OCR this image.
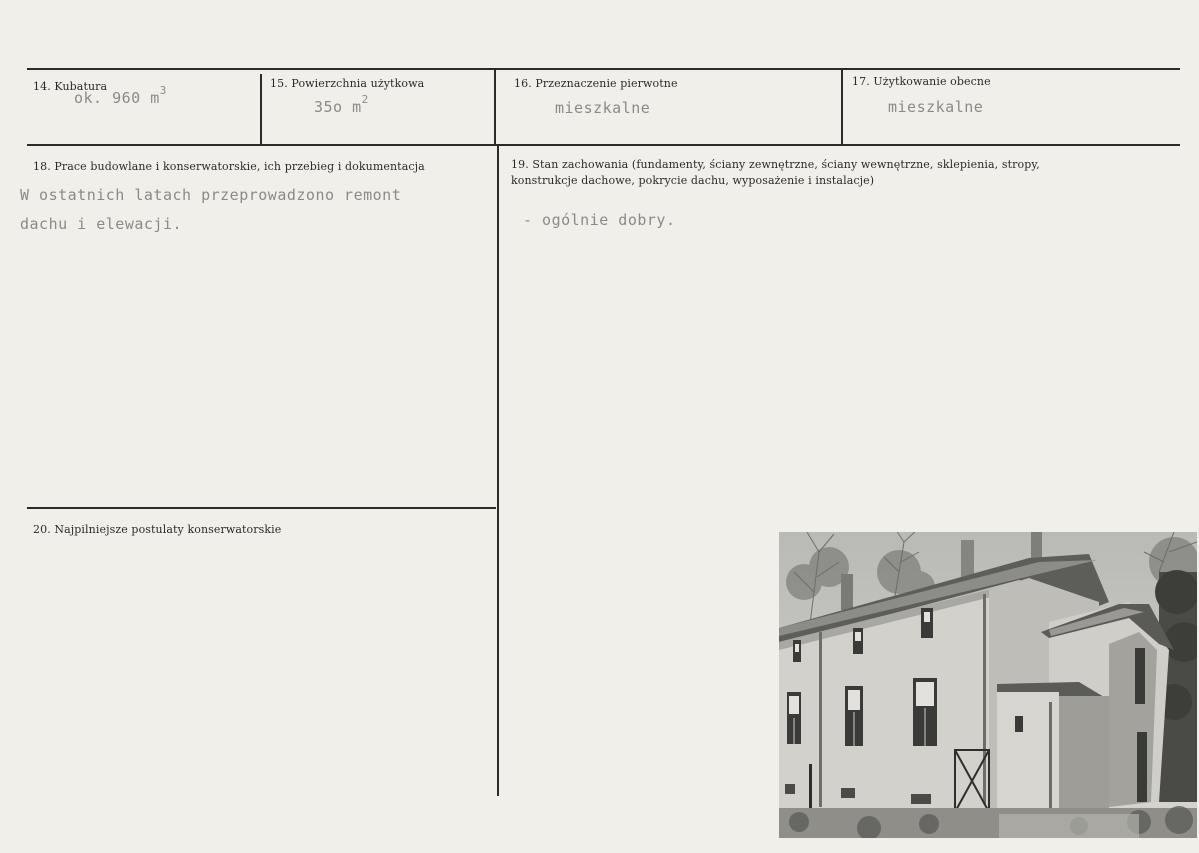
14. Kubatura
ok. 960 $m^3$
15. Powierzchnia użytkowa
35o $m^2$
16. Przeznaczenie pierwotne
mieszkalne
17. Użytkowanie obecne
mieszkalne
18. Prace budowlane i konserwatorskie, ich przebieg i dokumentacja
W ostatnich latach przeprowadzono remont
dachu i elewacji.
19. Stan zachowania (fundamenty, ściany zewnętrzne, ściany wewnętrzne, sklepienia, stropy, konstrukcje dachowe, pokrycie dachu, wyposażenie i instalacje)
- ogólnie dobry.
20. Najpilniejsze postulaty konserwatorskie
